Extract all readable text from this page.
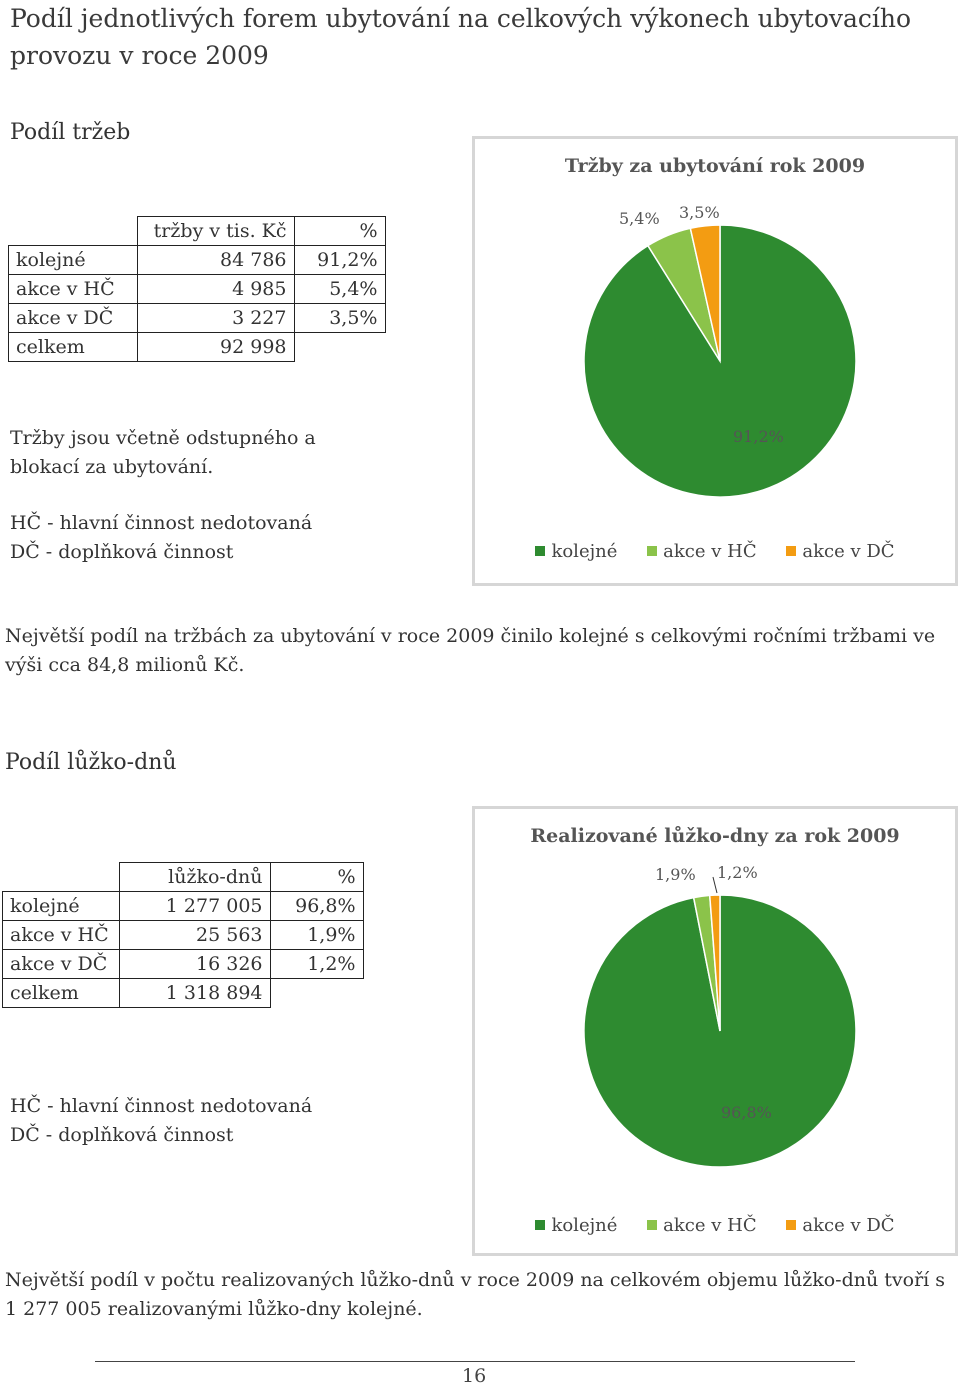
Podíl jednotlivých forem ubytování na celkových výkonech ubytovacího provozu v roce 2009
Podíl tržeb
	tržby v tis. Kč	%
kolejné	84 786	91,2%
akce v HČ	4 985	5,4%
akce v DČ	3 227	3,5%
celkem	92 998	
Tržby jsou včetně odstupného a blokací za ubytování.
HČ - hlavní činnost nedotovaná
DČ - doplňková činnost
Tržby za ubytování rok 2009
5,4% 3,5%
91,2%
kolejné	akce v HČ	akce v DČ
Největší podíl na tržbách za ubytování v roce 2009 činilo kolejné s celkovými ročními tržbami ve výši cca 84,8 milionů Kč.
Podíl lůžko-dnů
	lůžko-dnů	%
kolejné	1 277 005	96,8%
akce v HČ	25 563	1,9%
akce v DČ	16 326	1,2%
celkem	1 318 894	
HČ - hlavní činnost nedotovaná
DČ - doplňková činnost
Realizované lůžko-dny za rok 2009
1,9% 1,2%
96,8%
kolejné	akce v HČ	akce v DČ
Největší podíl v počtu realizovaných lůžko-dnů v roce 2009 na celkovém objemu lůžko-dnů tvoří s 1 277 005 realizovanými lůžko-dny kolejné.
16
